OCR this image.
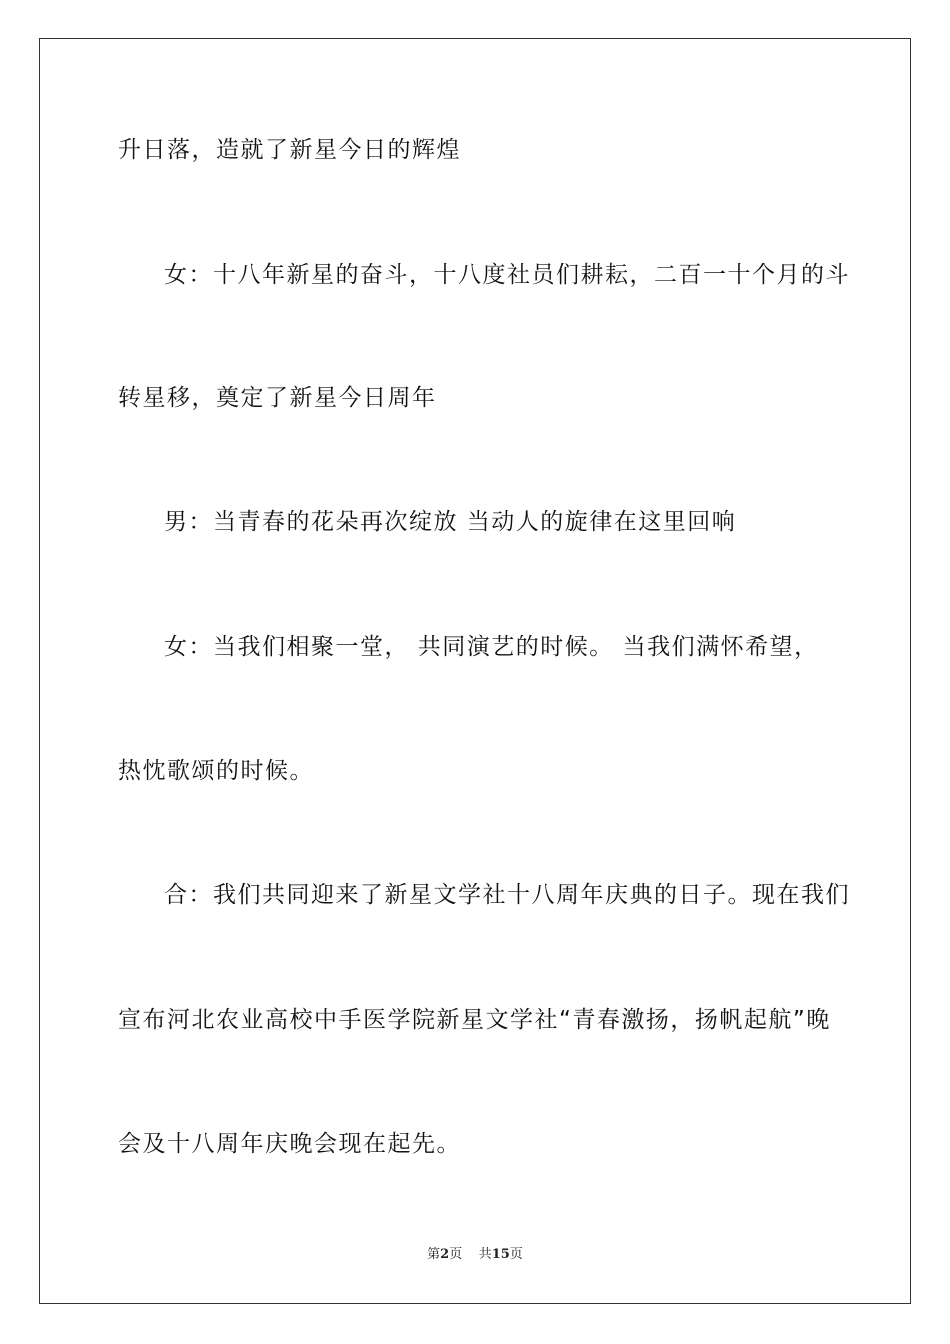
升日落，造就了新星今日的辉煌

女：十八年新星的奋斗，十八度社员们耕耘，二百一十个月的斗

转星移，奠定了新星今日周年

男：当青春的花朵再次绽放 当动人的旋律在这里回响

女：当我们相聚一堂， 共同演艺的时候。 当我们满怀希望，

热忱歌颂的时候。

合：我们共同迎来了新星文学社十八周年庆典的日子。现在我们

宣布河北农业高校中手医学院新星文学社“青春激扬，扬帆起航”晚

会及十八周年庆晚会现在起先。

第2页 共15页
